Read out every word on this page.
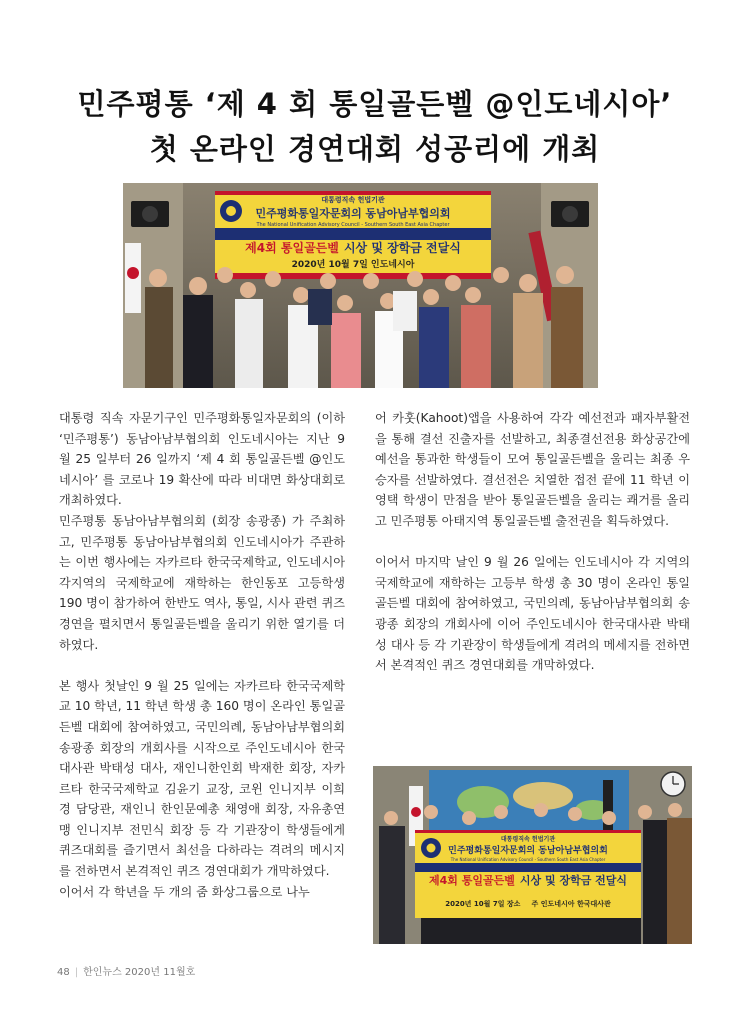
민주평통 ‘제 4 회 통일골든벨 @인도네시아’
첫 온라인 경연대회 성공리에 개최
대통령직속 헌법기관
민주평화통일자문회의 동남아남부협의회
The National Unification Advisory Council - Southern South East Asia Chapter
제4회 통일골든벨 시상 및 장학금 전달식
2020년 10월 7일 인도네시아

대통령 직속 자문기구인 민주평화통일자문회의 (이하 ‘민주평통’) 동남아남부협의회 인도네시아는 지난 9 월 25 일부터 26 일까지 ‘제 4 회 통일골든벨 @인도네시아’ 를 코로나 19 확산에 따라 비대면 화상대회로 개최하였다.

민주평통 동남아남부협의회 (회장 송광종) 가 주최하고, 민주평통 동남아남부협의회 인도네시아가 주관하는 이번 행사에는 자카르타 한국국제학교, 인도네시아 각지역의 국제학교에 재학하는 한인동포 고등학생 190 명이 참가하여 한반도 역사, 통일, 시사 관련 퀴즈 경연을 펼치면서 통일골든벨을 울리기 위한 열기를 더하였다.

본 행사 첫날인 9 월 25 일에는 자카르타 한국국제학교 10 학년, 11 학년 학생 총 160 명이 온라인 통일골든벨 대회에 참여하였고, 국민의례, 동남아남부협의회 송광종 회장의 개회사를 시작으로 주인도네시아 한국대사관 박태성 대사, 재인니한인회 박재한 회장, 자카르타 한국국제학교 김윤기 교장, 코윈 인니지부 이희경 담당관, 재인니 한인문예총 채영애 회장, 자유총연맹 인니지부 전민식 회장 등 각 기관장이 학생들에게 퀴즈대회를 즐기면서 최선을 다하라는 격려의 메시지를 전하면서 본격적인 퀴즈 경연대회가 개막하였다.

이어서 각 학년을 두 개의 줌 화상그룹으로 나누

어 카훗(Kahoot)앱을 사용하여 각각 예선전과 패자부활전을 통해 결선 진출자를 선발하고, 최종결선전용 화상공간에 예선을 통과한 학생들이 모여 통일골든벨을 울리는 최종 우승자를 선발하였다. 결선전은 치열한 접전 끝에 11 학년 이영택 학생이 만점을 받아 통일골든벨을 울리는 쾌거를 올리고 민주평통 아태지역 통일골든벨 출전권을 획득하였다.

이어서 마지막 날인 9 월 26 일에는 인도네시아 각 지역의 국제학교에 재학하는 고등부 학생 총 30 명이 온라인 통일골든벨 대회에 참여하였고, 국민의례, 동남아남부협의회 송광종 회장의 개회사에 이어 주인도네시아 한국대사관 박태성 대사 등 각 기관장이 학생들에게 격려의 메세지를 전하면서 본격적인 퀴즈 경연대회를 개막하였다.

대통령직속 헌법기관
민주평화통일자문회의 동남아남부협의회
The National Unification Advisory Council - Southern South East Asia Chapter
제4회 통일골든벨 시상 및 장학금 전달식
2020년 10월 7일 장소 주 인도네시아 한국대사관
48 | 한인뉴스 2020년 11월호
